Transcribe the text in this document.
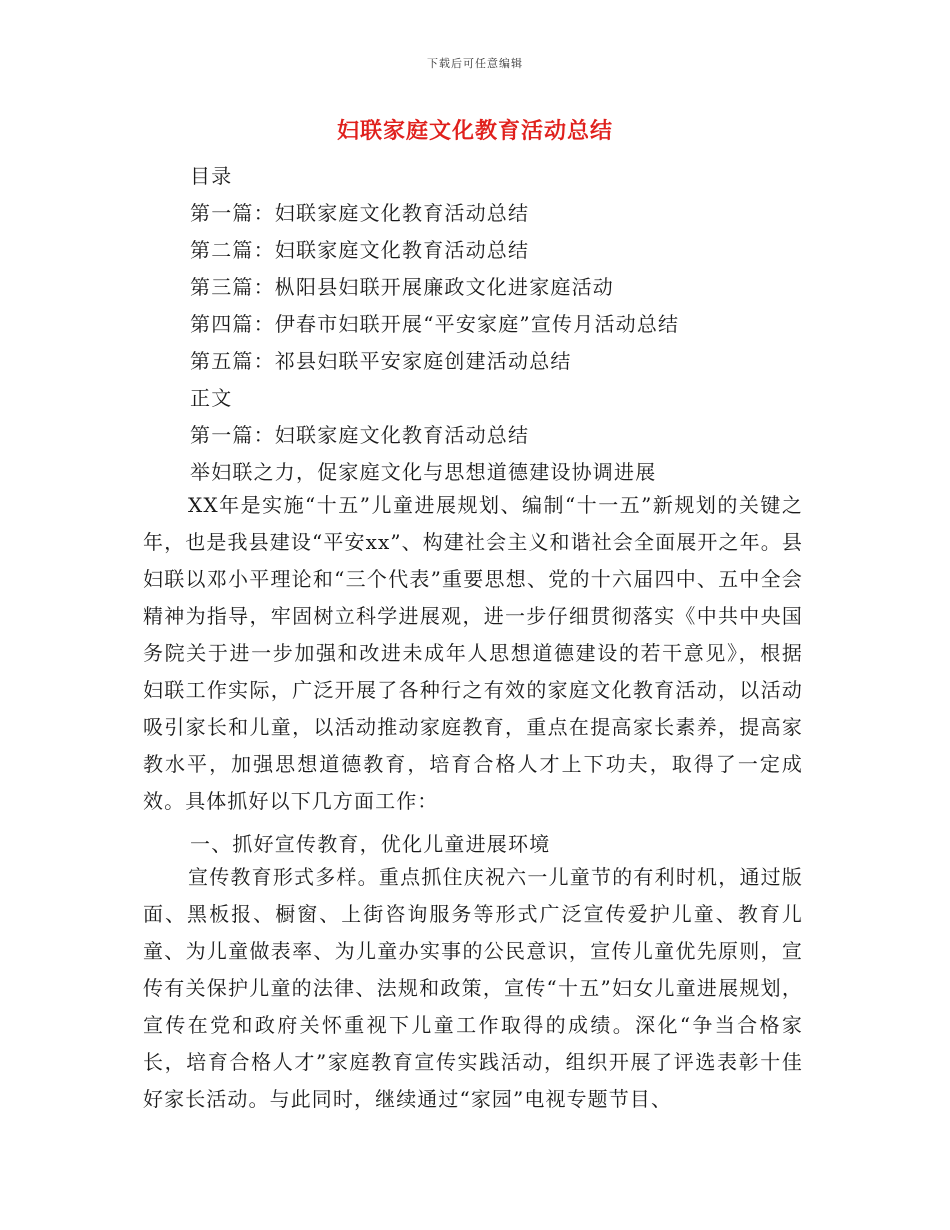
下载后可任意编辑
妇联家庭文化教育活动总结
目录
第一篇：妇联家庭文化教育活动总结
第二篇：妇联家庭文化教育活动总结
第三篇：枞阳县妇联开展廉政文化进家庭活动
第四篇：伊春市妇联开展“平安家庭”宣传月活动总结
第五篇：祁县妇联平安家庭创建活动总结
正文
第一篇：妇联家庭文化教育活动总结
举妇联之力，促家庭文化与思想道德建设协调进展

XX年是实施“十五”儿童进展规划、编制“十一五”新规划的关键之年，也是我县建设“平安xx”、构建社会主义和谐社会全面展开之年。县妇联以邓小平理论和“三个代表”重要思想、党的十六届四中、五中全会精神为指导，牢固树立科学进展观，进一步仔细贯彻落实《中共中央国务院关于进一步加强和改进未成年人思想道德建设的若干意见》，根据妇联工作实际，广泛开展了各种行之有效的家庭文化教育活动，以活动吸引家长和儿童，以活动推动家庭教育，重点在提高家长素养，提高家教水平，加强思想道德教育，培育合格人才上下功夫，取得了一定成效。具体抓好以下几方面工作：

一、抓好宣传教育，优化儿童进展环境

宣传教育形式多样。重点抓住庆祝六一儿童节的有利时机，通过版面、黑板报、橱窗、上街咨询服务等形式广泛宣传爱护儿童、教育儿童、为儿童做表率、为儿童办实事的公民意识，宣传儿童优先原则，宣传有关保护儿童的法律、法规和政策，宣传“十五”妇女儿童进展规划，宣传在党和政府关怀重视下儿童工作取得的成绩。深化“争当合格家长，培育合格人才”家庭教育宣传实践活动，组织开展了评选表彰十佳好家长活动。与此同时，继续通过“家园”电视专题节目、
